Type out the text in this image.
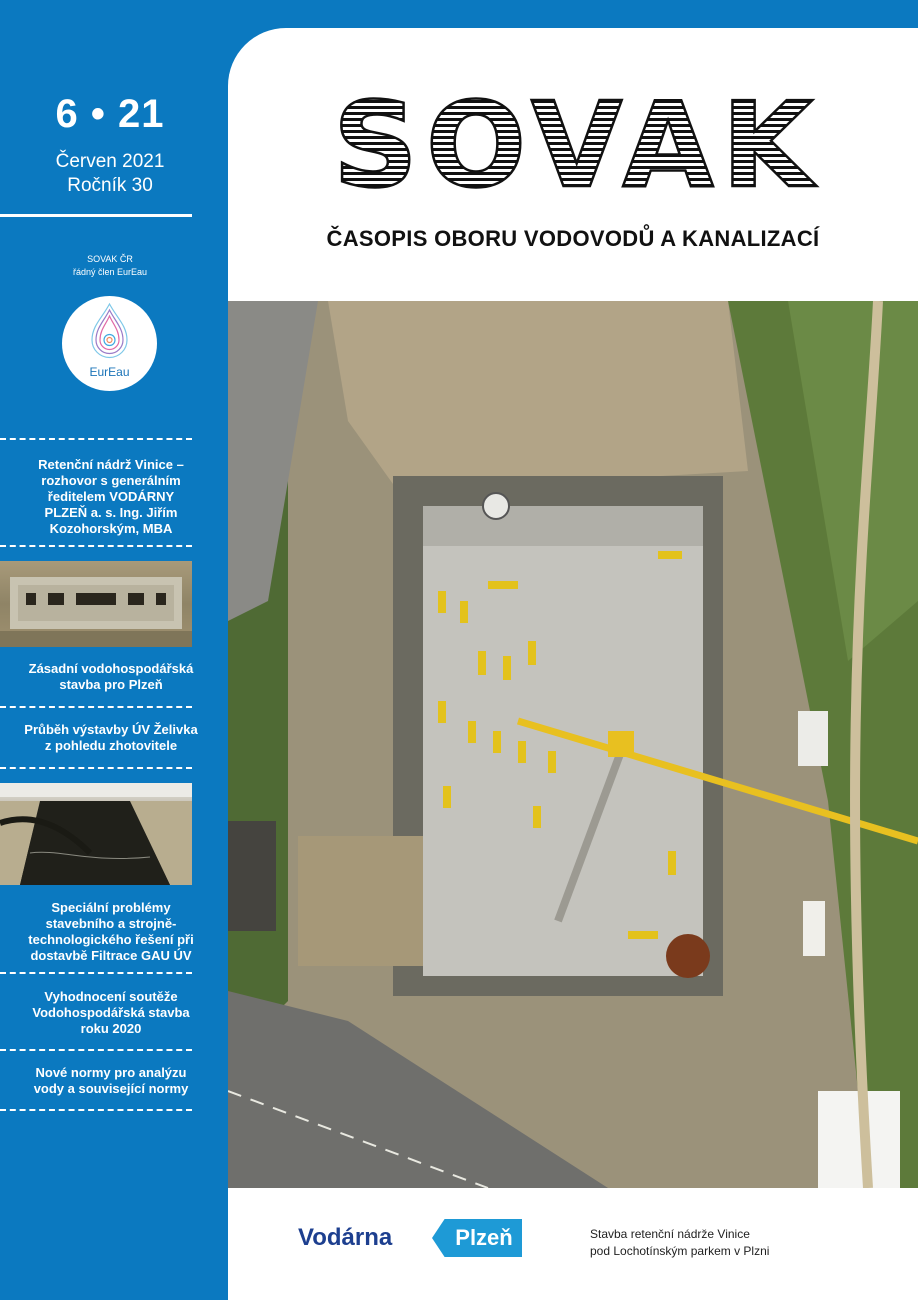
6 • 21
Červen 2021
Ročník 30
SOVAK ČR
řádný člen EurEau
EurEau
Retenční nádrž Vinice –
rozhovor s generálním
ředitelem VODÁRNY
PLZEŇ a. s. Ing. Jiřím
Kozohorským, MBA
Zásadní vodohospodářská
stavba pro Plzeň
Průběh výstavby ÚV Želivka
z pohledu zhotovitele
Speciální problémy
stavebního a strojně-
technologického řešení při
dostavbě Filtrace GAU ÚV
Vyhodnocení soutěže
Vodohospodářská stavba
roku 2020
Nové normy pro analýzu
vody a související normy
SOVAK
ČASOPIS OBORU VODOVODŮ A KANALIZACÍ
Vodárna	Plzeň	Stavba retenční nádrže Vinice
pod Lochotínským parkem v Plzni
